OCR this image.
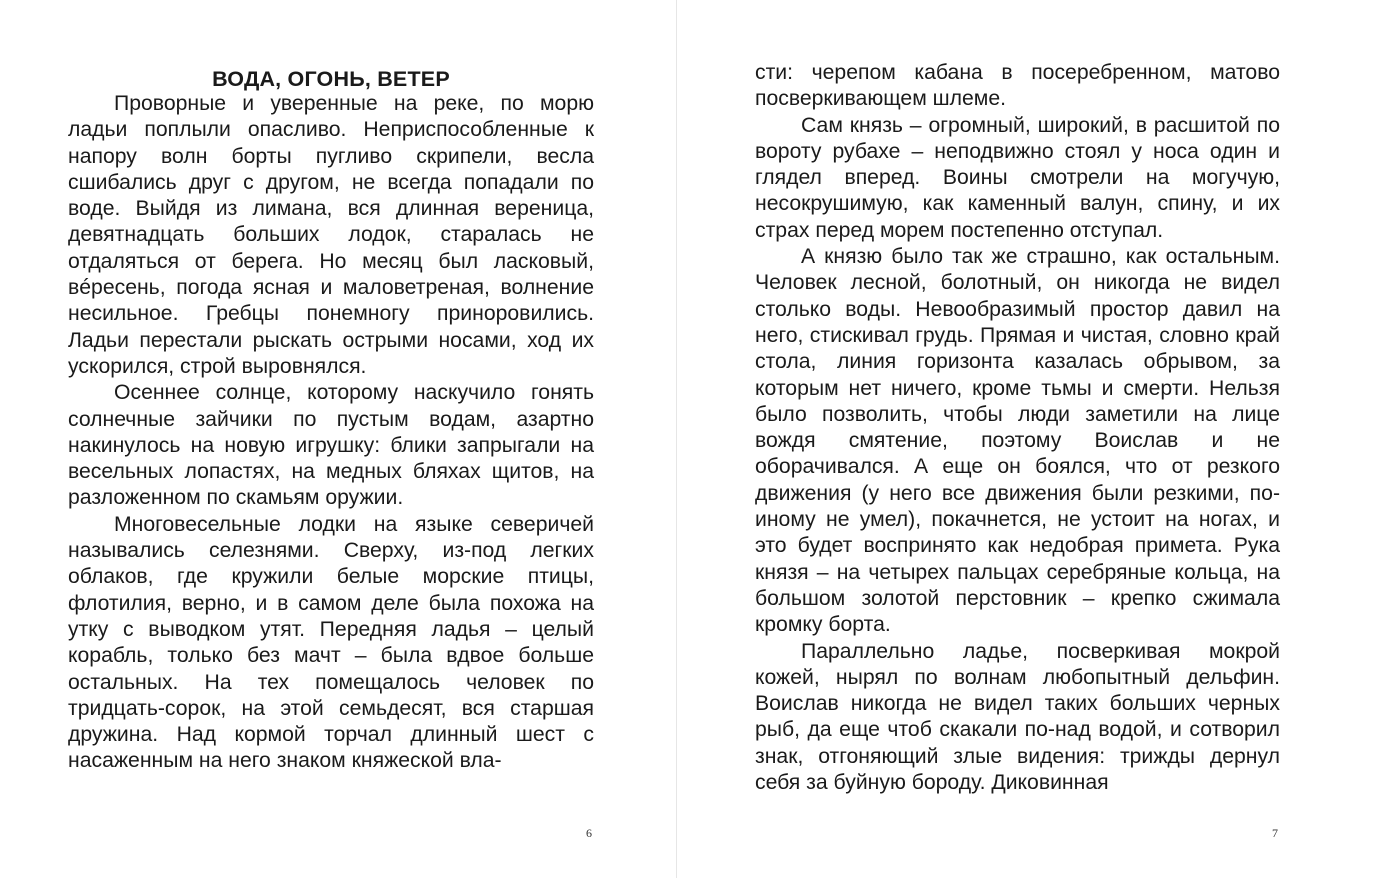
ВОДА, ОГОНЬ, ВЕТЕР

Проворные и уверенные на реке, по морю ладьи поплыли опасливо. Неприспособленные к напору волн борты пугливо скрипели, весла сшибались друг с другом, не всегда попадали по воде. Выйдя из лимана, вся длинная вереница, девятнадцать больших лодок, старалась не отдаляться от берега. Но месяц был ласковый, вéресень, погода ясная и маловетреная, волнение несильное. Гребцы понемногу приноровились. Ладьи перестали рыскать острыми носами, ход их ускорился, строй выровнялся.

Осеннее солнце, которому наскучило гонять солнечные зайчики по пустым водам, азартно накинулось на новую игрушку: блики запрыгали на весельных лопастях, на медных бляхах щитов, на разложенном по скамьям оружии.

Многовесельные лодки на языке северичей назывались селезнями. Сверху, из-под легких облаков, где кружили белые морские птицы, флотилия, верно, и в самом деле была похожа на утку с выводком утят. Передняя ладья – целый корабль, только без мачт – была вдвое больше остальных. На тех помещалось человек по тридцать-сорок, на этой семьдесят, вся старшая дружина. Над кормой торчал длинный шест с насаженным на него знаком княжеской вла-

6

сти: черепом кабана в посеребренном, матово посверкивающем шлеме.

Сам князь – огромный, широкий, в расшитой по вороту рубахе – неподвижно стоял у носа один и глядел вперед. Воины смотрели на могучую, несокрушимую, как каменный валун, спину, и их страх перед морем постепенно отступал.

А князю было так же страшно, как остальным. Человек лесной, болотный, он никогда не видел столько воды. Невообразимый простор давил на него, стискивал грудь. Прямая и чистая, словно край стола, линия горизонта казалась обрывом, за которым нет ничего, кроме тьмы и смерти. Нельзя было позволить, чтобы люди заметили на лице вождя смятение, поэтому Воислав и не оборачивался. А еще он боялся, что от резкого движения (у него все движения были резкими, по-иному не умел), покачнется, не устоит на ногах, и это будет воспринято как недобрая примета. Рука князя – на четырех пальцах серебряные кольца, на большом золотой перстовник – крепко сжимала кромку борта.

Параллельно ладье, посверкивая мокрой кожей, нырял по волнам любопытный дельфин. Воислав никогда не видел таких больших черных рыб, да еще чтоб скакали по-над водой, и сотворил знак, отгоняющий злые видения: трижды дернул себя за буйную бороду. Диковинная

7
